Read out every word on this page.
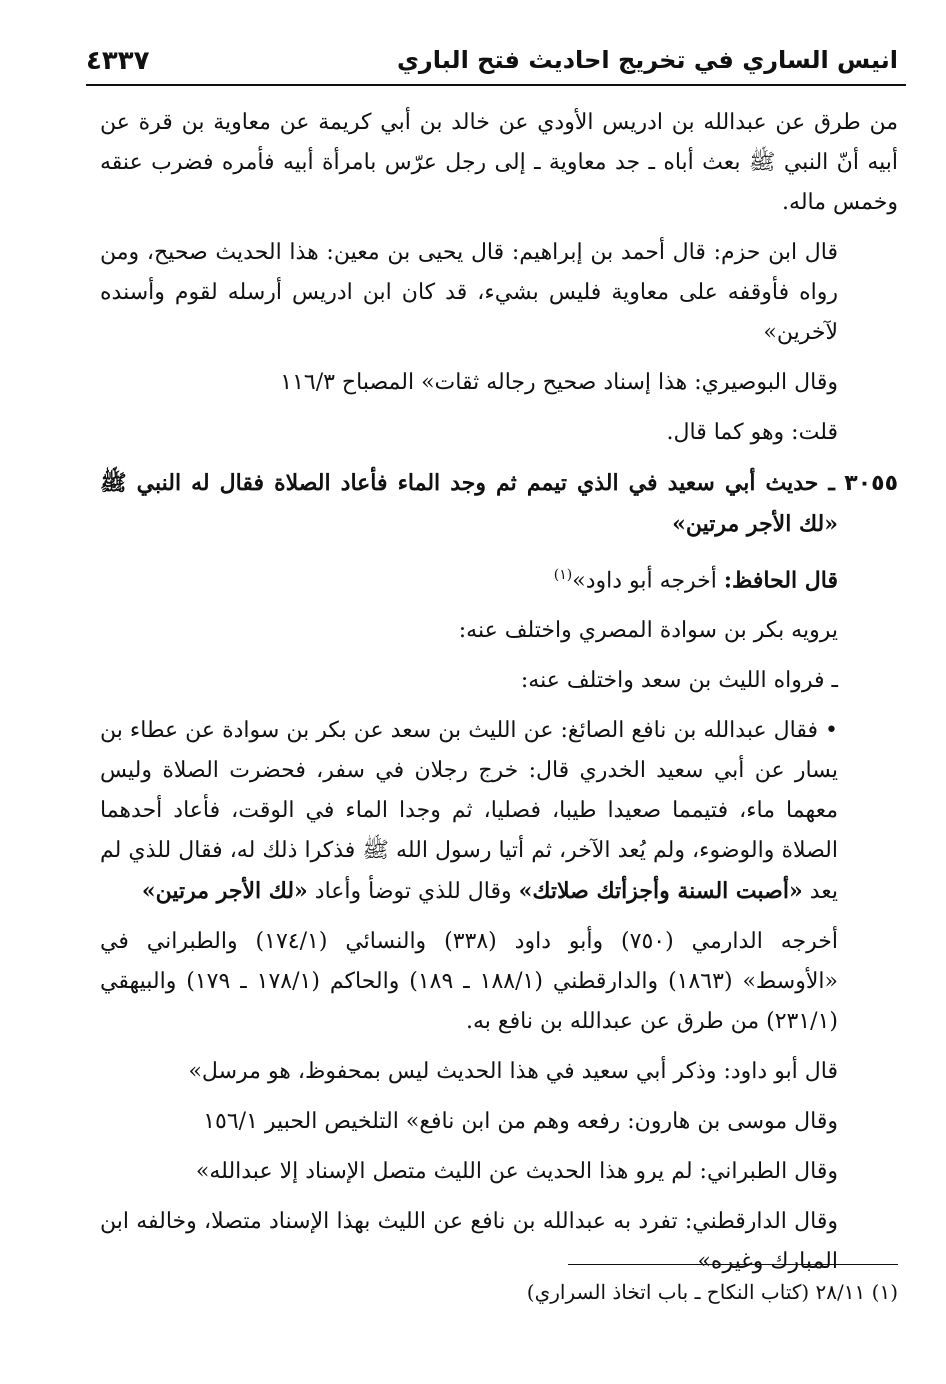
انيس الساري في تخريج احاديث فتح الباري
٤٣٣٧

من طرق عن عبدالله بن ادريس الأودي عن خالد بن أبي كريمة عن معاوية بن قرة عن أبيه أنّ النبي ﷺ بعث أباه ـ جد معاوية ـ إلى رجل عرّس بامرأة أبيه فأمره فضرب عنقه وخمس ماله.

قال ابن حزم: قال أحمد بن إبراهيم: قال يحيى بن معين: هذا الحديث صحيح، ومن رواه فأوقفه على معاوية فليس بشيء، قد كان ابن ادريس أرسله لقوم وأسنده لآخرين»

وقال البوصيري: هذا إسناد صحيح رجاله ثقات» المصباح ١١٦/٣

قلت: وهو كما قال.

٣٠٥٥ ـ حديث أبي سعيد في الذي تيمم ثم وجد الماء فأعاد الصلاة فقال له النبي ﷺ «لك الأجر مرتين»

قال الحافظ: أخرجه أبو داود»$^{(١)}$

يرويه بكر بن سوادة المصري واختلف عنه:

ـ فرواه الليث بن سعد واختلف عنه:

• فقال عبدالله بن نافع الصائغ: عن الليث بن سعد عن بكر بن سوادة عن عطاء بن يسار عن أبي سعيد الخدري قال: خرج رجلان في سفر، فحضرت الصلاة وليس معهما ماء، فتيمما صعيدا طيبا، فصليا، ثم وجدا الماء في الوقت، فأعاد أحدهما الصلاة والوضوء، ولم يُعد الآخر، ثم أتيا رسول الله ﷺ فذكرا ذلك له، فقال للذي لم يعد «أصبت السنة وأجزأتك صلاتك» وقال للذي توضأ وأعاد «لك الأجر مرتين»

أخرجه الدارمي (٧٥٠) وأبو داود (٣٣٨) والنسائي (١٧٤/١) والطبراني في «الأوسط» (١٨٦٣) والدارقطني (١٨٨/١ ـ ١٨٩) والحاكم (١٧٨/١ ـ ١٧٩) والبيهقي (٢٣١/١) من طرق عن عبدالله بن نافع به.

قال أبو داود: وذكر أبي سعيد في هذا الحديث ليس بمحفوظ، هو مرسل»

وقال موسى بن هارون: رفعه وهم من ابن نافع» التلخيص الحبير ١٥٦/١

وقال الطبراني: لم يرو هذا الحديث عن الليث متصل الإسناد إلا عبدالله»

وقال الدارقطني: تفرد به عبدالله بن نافع عن الليث بهذا الإسناد متصلا، وخالفه ابن المبارك وغيره»

(١) ٢٨/١١ (كتاب النكاح ـ باب اتخاذ السراري)
